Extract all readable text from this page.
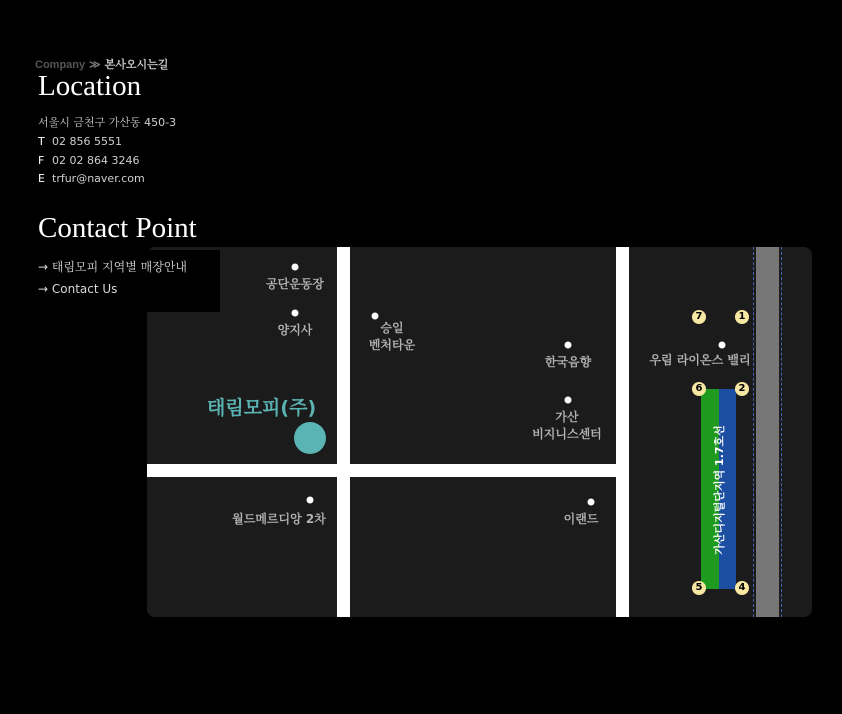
Company ≫ 본사오시는길
Location
서울시 금천구 가산동 450-3
T 02 856 5551
F 02 02 864 3246
E trfur@naver.com
Contact Point
가산디지털단지역 1.7호선
공단운동장
양지사	승일
벤처타운
한국음향
가산
비지니스센터
우림 라이온스 밸리
월드메르디앙 2차	이랜드
태림모피(주)
7	1
6	2
5	4
→ 태림모피 지역별 매장안내
→ Contact Us
